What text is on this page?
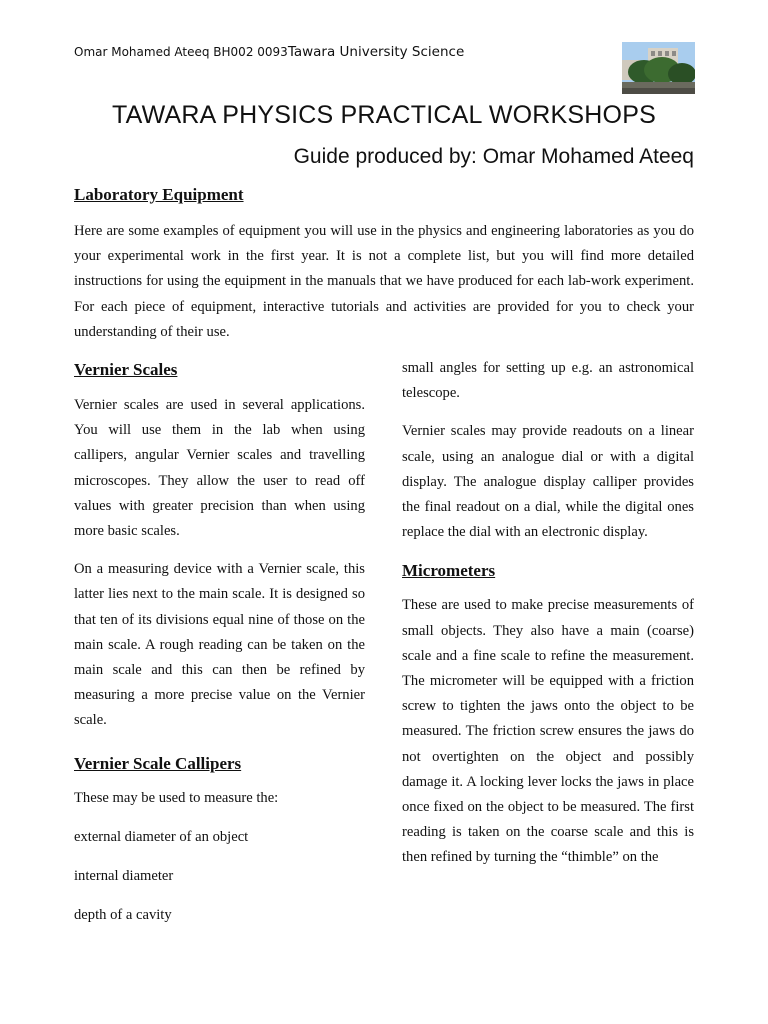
Omar Mohamed Ateeq BH002 0093Tawara University Science
TAWARA PHYSICS PRACTICAL WORKSHOPS
Guide produced by: Omar Mohamed Ateeq
Laboratory Equipment

Here are some examples of equipment you will use in the physics and engineering laboratories as you do your experimental work in the first year. It is not a complete list, but you will find more detailed instructions for using the equipment in the manuals that we have produced for each lab-work experiment. For each piece of equipment, interactive tutorials and activities are provided for you to check your understanding of their use.

Vernier Scales

Vernier scales are used in several applications. You will use them in the lab when using callipers, angular Vernier scales and travelling microscopes. They allow the user to read off values with greater precision than when using more basic scales.

On a measuring device with a Vernier scale, this latter lies next to the main scale. It is designed so that ten of its divisions equal nine of those on the main scale. A rough reading can be taken on the main scale and this can then be refined by measuring a more precise value on the Vernier scale.

Vernier Scale Callipers

These may be used to measure the:

external diameter of an object

internal diameter

depth of a cavity

small angles for setting up e.g. an astronomical telescope.

Vernier scales may provide readouts on a linear scale, using an analogue dial or with a digital display. The analogue display calliper provides the final readout on a dial, while the digital ones replace the dial with an electronic display.

Micrometers

These are used to make precise measurements of small objects. They also have a main (coarse) scale and a fine scale to refine the measurement. The micrometer will be equipped with a friction screw to tighten the jaws onto the object to be measured. The friction screw ensures the jaws do not overtighten on the object and possibly damage it. A locking lever locks the jaws in place once fixed on the object to be measured. The first reading is taken on the coarse scale and this is then refined by turning the “thimble” on the
